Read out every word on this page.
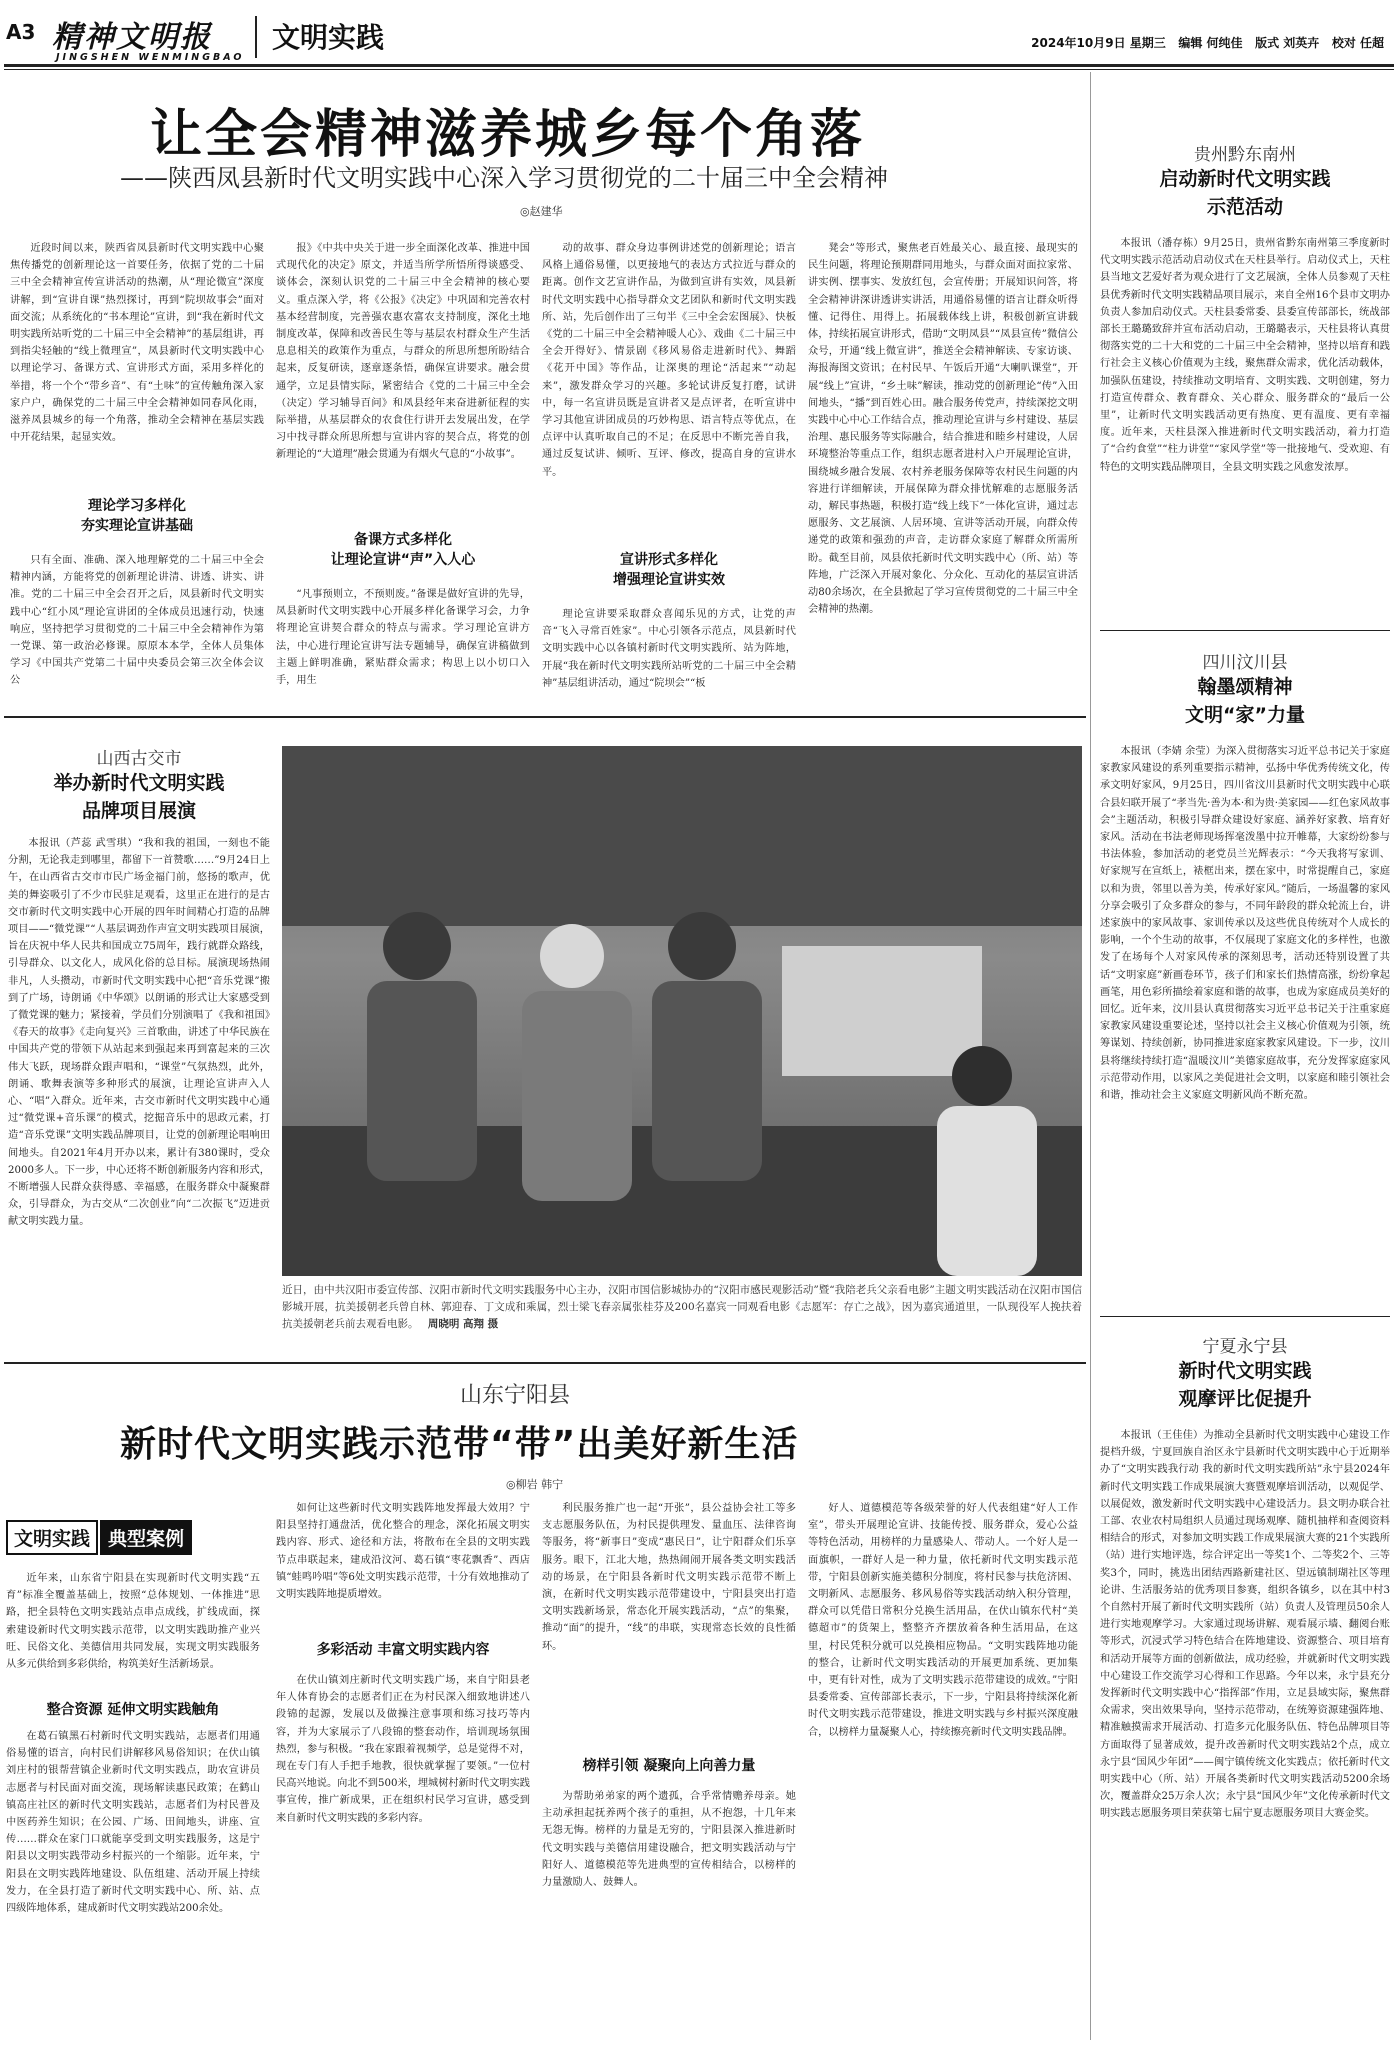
A3 精神文明报
JINGSHEN WENMINGBAO
文明实践	2024年10月9日 星期三 编辑 何纯佳 版式 刘英卉 校对 任超
让全会精神滋养城乡每个角落
——陕西凤县新时代文明实践中心深入学习贯彻党的二十届三中全会精神
◎赵建华

近段时间以来，陕西省凤县新时代文明实践中心聚焦传播党的创新理论这一首要任务，依据了党的二十届三中全会精神宣传宣讲活动的热潮，从“理论微宣”深度讲解，到“宣讲自课”热烈探讨，再到“院坝故事会”面对面交流；从系统化的“书本理论”宣讲，到“我在新时代文明实践所站听党的二十届三中全会精神”的基层组讲，再到指尖轻触的“线上微理宣”，凤县新时代文明实践中心以理论学习、备课方式、宣讲形式方面，采用多样化的举措，将一个个“带乡音”、有“土味”的宣传触角深入家家户户，确保党的二十届三中全会精神如同春风化雨，滋养凤县城乡的每一个角落，推动全会精神在基层实践中开花结果，起显实效。

理论学习多样化
夯实理论宣讲基础

只有全面、准确、深入地理解党的二十届三中全会精神内涵，方能将党的创新理论讲清、讲透、讲实、讲准。党的二十届三中全会召开之后，凤县新时代文明实践中心“红小凤”理论宣讲团的全体成员迅速行动，快速响应，坚持把学习贯彻党的二十届三中全会精神作为第一党课、第一政治必修课。原原本本学，全体人员集体学习《中国共产党第二十届中央委员会第三次全体会议公

报》《中共中央关于进一步全面深化改革、推进中国式现代化的决定》原文，并适当所学所悟所得谈感受、谈体会，深刻认识党的二十届三中全会精神的核心要义。重点深入学，将《公报》《决定》中巩固和完善农村基本经营制度，完善强农惠农富农支持制度，深化土地制度改革，保障和改善民生等与基层农村群众生产生活息息相关的政策作为重点，与群众的所思所想所盼结合起来，反复研读，逐章逐条悟，确保宣讲要求。融会贯通学，立足县情实际，紧密结合《党的二十届三中全会（决定）学习辅导百问》和凤县经年来奋进新征程的实际举措，从基层群众的农食住行讲开去发展出发，在学习中找寻群众所思所想与宣讲内容的契合点，将党的创新理论的“大道理”融会贯通为有烟火气息的“小故事”。

备课方式多样化
让理论宣讲“声”入人心

“凡事预则立，不预则废。”备课是做好宣讲的先导，凤县新时代文明实践中心开展多样化备课学习会，力争将理论宣讲契合群众的特点与需求。学习理论宣讲方法，中心进行理论宣讲写法专题辅导，确保宣讲稿做到主题上鲜明准确，紧贴群众需求；构思上以小切口入手，用生

动的故事、群众身边事例讲述党的创新理论；语言风格上通俗易懂，以更接地气的表达方式拉近与群众的距离。创作文艺宣讲作品，为做到宣讲有实效，凤县新时代文明实践中心指导群众文艺团队和新时代文明实践所、站，先后创作出了三句半《三中全会宏图展》、快板《党的二十届三中全会精神暖人心》、戏曲《二十届三中全会开得好》、情景剧《移风易俗走进新时代》、舞蹈《花开中国》等作品，让深奥的理论“活起来”“动起来”，激发群众学习的兴趣。多轮试讲反复打磨，试讲中，每一名宣讲员既是宣讲者又是点评者，在听宣讲中学习其他宣讲团成员的巧妙构思、语言特点等优点，在点评中认真听取自己的不足；在反思中不断完善自我，通过反复试讲、倾听、互评、修改，提高自身的宣讲水平。

宣讲形式多样化
增强理论宣讲实效

理论宣讲要采取群众喜闻乐见的方式，让党的声音“飞入寻常百姓家”。中心引领各示范点，凤县新时代文明实践中心以各镇村新时代文明实践所、站为阵地，开展“我在新时代文明实践所站听党的二十届三中全会精神”基层组讲活动，通过“院坝会”“板

凳会”等形式，聚焦老百姓最关心、最直接、最现实的民生问题，将理论预期群同用地头，与群众面对面拉家常、讲实例、摆事实、发放红包，会宣传册；开展知识问答，将全会精神讲深讲透讲实讲活，用通俗易懂的语言让群众听得懂、记得住、用得上。拓展载体线上讲，积极创新宣讲载体，持续拓展宣讲形式，借助“文明凤县”“凤县宣传”微信公众号，开通“线上微宣讲”，推送全会精神解读、专家访谈、海报海图文资讯；在村民早、午饭后开通“大喇叭课堂”，开展“线上”宣讲，“乡土味”解读，推动党的创新理论“传”入田间地头，“播”到百姓心田。融合服务传党声，持续深挖文明实践中心中心工作结合点，推动理论宣讲与乡村建设、基层治理、惠民服务等实际融合，结合推进和睦乡村建设，人居环境整治等重点工作，组织志愿者进村入户开展理论宣讲，围绕城乡融合发展、农村养老服务保障等农村民生问题的内容进行详细解读，开展保障为群众排忧解难的志愿服务活动，解民事热题，积极打造“线上线下”一体化宣讲，通过志愿服务、文艺展演、人居环境、宣讲等活动开展，向群众传递党的政策和强劲的声音，走访群众家庭了解群众所需所盼。截至目前，凤县依托新时代文明实践中心（所、站）等阵地，广泛深入开展对象化、分众化、互动化的基层宣讲活动80余场次，在全县掀起了学习宣传贯彻党的二十届三中全会精神的热潮。

贵州黔东南州
启动新时代文明实践
示范活动

本报讯（潘存栋）9月25日，贵州省黔东南州第三季度新时代文明实践示范活动启动仪式在天柱县举行。启动仪式上，天柱县当地文艺爱好者为观众进行了文艺展演，全体人员参观了天柱县优秀新时代文明实践精品项目展示，来自全州16个县市文明办负责人参加启动仪式。天柱县委常委、县委宣传部部长，统战部部长王璐璐致辞并宣布活动启动，王璐璐表示，天柱县将认真贯彻落实党的二十大和党的二十届三中全会精神，坚持以培育和践行社会主义核心价值观为主线，聚焦群众需求，优化活动载体，加强队伍建设，持续推动文明培育、文明实践、文明创建，努力打造宣传群众、教育群众、关心群众、服务群众的“最后一公里”，让新时代文明实践活动更有热度、更有温度、更有幸福度。近年来，天柱县深入推进新时代文明实践活动，着力打造了“合约食堂”“柱力讲堂”“家风学堂”等一批接地气、受欢迎、有特色的文明实践品牌项目，全县文明实践之风愈发浓厚。

四川汶川县
翰墨颂精神
文明“家”力量

本报讯（李婧 余莹）为深入贯彻落实习近平总书记关于家庭家教家风建设的系列重要指示精神，弘扬中华优秀传统文化，传承文明好家风，9月25日，四川省汶川县新时代文明实践中心联合县妇联开展了“孝当先·善为本·和为贵·美家园——红色家风故事会”主题活动，积极引导群众建设好家庭、涵养好家教、培育好家风。活动在书法老师现场挥毫泼墨中拉开帷幕，大家纷纷参与书法体验，参加活动的老党员兰光辉表示：“今天我将写家训、好家规写在宣纸上，裱框出来，摆在家中，时常提醒自己，家庭以和为贵，邻里以善为美，传承好家风。”随后，一场温馨的家风分享会吸引了众多群众的参与，不同年龄段的群众轮流上台，讲述家族中的家风故事、家训传承以及这些优良传统对个人成长的影响，一个个生动的故事，不仅展现了家庭文化的多样性，也激发了在场每个人对家风传承的深刻思考，活动还特别设置了共话“文明家庭”新画卷环节，孩子们和家长们热情高涨，纷纷拿起画笔，用色彩所描绘着家庭和谐的故事，也成为家庭成员美好的回忆。近年来，汶川县认真贯彻落实习近平总书记关于注重家庭家教家风建设重要论述，坚持以社会主义核心价值观为引领，统筹谋划、持续创新，协同推进家庭家教家风建设。下一步，汶川县将继续持续打造“温暖汶川”美德家庭故事，充分发挥家庭家风示范带动作用，以家风之美促进社会文明，以家庭和睦引领社会和谐，推动社会主义家庭文明新风尚不断充盈。

宁夏永宁县
新时代文明实践
观摩评比促提升

本报讯（王佳佳）为推动全县新时代文明实践中心建设工作提档升级，宁夏回族自治区永宁县新时代文明实践中心于近期举办了“文明实践我行动 我的新时代文明实践所站”永宁县2024年新时代文明实践工作成果展演大赛暨观摩培训活动，以观促学、以展促效，激发新时代文明实践中心建设活力。县文明办联合社工部、农业农村局组织人员通过现场观摩、随机抽样和查阅资料相结合的形式，对参加文明实践工作成果展演大赛的21个实践所（站）进行实地评选，综合评定出一等奖1个、二等奖2个、三等奖3个，同时，挑选出团结西路新建社区、望远镇制瑚社区等理论讲、生活服务站的优秀项目参赛，组织各镇乡，以在其中村3个自然村开展了新时代文明实践所（站）负责人及管理员50余人进行实地观摩学习。大家通过现场讲解、观看展示墙、翻阅台账等形式，沉浸式学习特色结合在阵地建设、资源整合、项目培育和活动开展等方面的创新做法，成功经验，并就新时代文明实践中心建设工作交流学习心得和工作思路。今年以来，永宁县充分发挥新时代文明实践中心“指挥部”作用，立足县域实际，聚焦群众需求，突出效果导向，坚持示范带动，在统筹资源建强阵地、精准触摸需求开展活动、打造多元化服务队伍、特色品牌项目等方面取得了显著成效，提升改善新时代文明实践站2个点，成立永宁县“国风少年团”——闽宁镇传统文化实践点；依托新时代文明实践中心（所、站）开展各类新时代文明实践活动5200余场次，覆盖群众25万余人次；永宁县“国风少年”文化传承新时代文明实践志愿服务项目荣获第七届宁夏志愿服务项目大赛金奖。

山西古交市
举办新时代文明实践
品牌项目展演

本报讯（芦蕊 武雪琪）“我和我的祖国，一刻也不能分割，无论我走到哪里，都留下一首赞歌……”9月24日上午，在山西省古交市市民广场金福门前，悠扬的歌声，优美的舞姿吸引了不少市民驻足观看，这里正在进行的是古交市新时代文明实践中心开展的四年时间精心打造的品牌项目——“微党课”“人基层调劲作声宣文明实践项目展演，旨在庆祝中华人民共和国成立75周年，践行就群众路线，引导群众、以文化人，成风化俗的总目标。展演现场热闹非凡，人头攒动，市新时代文明实践中心把“音乐党课”搬到了广场，诗朗诵《中华颂》以朗诵的形式让大家感受到了微党课的魅力；紧接着，学员们分别演唱了《我和祖国》《春天的故事》《走向复兴》三首歌曲，讲述了中华民族在中国共产党的带领下从站起来到强起来再到富起来的三次伟大飞跃，现场群众跟声唱和，“课堂”气氛热烈，此外，朗诵、歌舞表演等多种形式的展演，让理论宣讲声入人心、“唱”入群众。近年来，古交市新时代文明实践中心通过“微党课+音乐课”的模式，挖掘音乐中的思政元素，打造“音乐党课”文明实践品牌项目，让党的创新理论唱响田间地头。自2021年4月开办以来，累计有380课时，受众2000多人。下一步，中心还将不断创新服务内容和形式，不断增强人民群众获得感、幸福感，在服务群众中凝聚群众，引导群众，为古交从“二次创业”向“二次振飞”迈进贡献文明实践力量。

近日，由中共汉阳市委宣传部、汉阳市新时代文明实践服务中心主办，汉阳市国信影城协办的“汉阳市感民观影活动”暨“我陪老兵父亲看电影”主题文明实践活动在汉阳市国信影城开展，抗美援朝老兵曾自林、郭迎春、丁文成和乘属，烈士梁飞春亲属张桂芬及200名嘉宾一同观看电影《志愿军：存亡之战》，因为嘉宾通道里，一队现役军人挽扶着抗美援朝老兵前去观看电影。 周晓明 高翔 摄
山东宁阳县
新时代文明实践示范带“带”出美好新生活
◎柳岩 韩宁
文明实践 典型案例

近年来，山东省宁阳县在实现新时代文明实践“五育”标准全覆盖基础上，按照“总体规划、一体推进”思路，把全县特色文明实践站点串点成线，扩线成面，探索建设新时代文明实践示范带，以文明实践助推产业兴旺、民俗文化、美德信用共同发展，实现文明实践服务从多元供给到多彩供给，构筑美好生活新场景。

整合资源 延伸文明实践触角

在葛石镇黑石村新时代文明实践站，志愿者们用通俗易懂的语言，向村民们讲解移风易俗知识；在伏山镇刘庄村的银帮营镇企业新时代文明实践点，助农宣讲员志愿者与村民面对面交流，现场解读惠民政策；在鹤山镇高庄社区的新时代文明实践站，志愿者们为村民普及中医药养生知识；在公园、广场、田间地头，讲座、宣传……群众在家门口就能享受到文明实践服务，这是宁阳县以文明实践带动乡村振兴的一个缩影。近年来，宁阳县在文明实践阵地建设、队伍组建、活动开展上持续发力，在全县打造了新时代文明实践中心、所、站、点四级阵地体系，建成新时代文明实践站200余处。

如何让这些新时代文明实践阵地发挥最大效用？宁阳县坚持打通盘活，优化整合的理念，深化拓展文明实践内容、形式、途径和方法，将散布在全县的文明实践节点串联起来，建成沿汶河、葛石镇“枣花飘香”、西店镇“蛙鸣吟唱”等6处文明实践示范带，十分有效地推动了文明实践阵地提质增效。

多彩活动 丰富文明实践内容

在伏山镇刘庄新时代文明实践广场，来自宁阳县老年人体育协会的志愿者们正在为村民深入细致地讲述八段锦的起源，发展以及做操注意事项和练习技巧等内容，并为大家展示了八段锦的整套动作，培训现场氛围热烈，参与积极。“我在家跟着视频学，总是觉得不对，现在专门有人手把手地教，很快就掌握了要领。”一位村民高兴地说。向北不到500米，埋城树村新时代文明实践事宣传，推广新成果，正在组织村民学习宣讲，感受到来自新时代文明实践的多彩内容。

利民服务推广也一起“开张”，县公益协会社工等多支志愿服务队伍，为村民提供理发、量血压、法律咨询等服务，将“新事日”变成“惠民日”，让宁阳群众们乐享服务。眼下，江北大地，热热闹闹开展各类文明实践活动的场景，在宁阳县各新时代文明实践示范带不断上演，在新时代文明实践示范带建设中，宁阳县突出打造文明实践新场景，常态化开展实践活动，“点”的集聚，推动“面”的提升，“线”的串联，实现常态长效的良性循环。

榜样引领 凝聚向上向善力量

为帮助弟弟家的两个遗孤，合乎常情赡养母亲。她主动承担起抚养两个孩子的重担，从不抱怨，十几年来无怨无悔。榜样的力量是无穷的，宁阳县深入推进新时代文明实践与美德信用建设融合，把文明实践活动与宁阳好人、道德模范等先进典型的宣传相结合，以榜样的力量激励人、鼓舞人。

好人、道德模范等各级荣誉的好人代表组建“好人工作室”，带头开展理论宣讲、技能传授、服务群众，爱心公益等特色活动，用榜样的力量感染人、带动人。一个好人是一面旗帜，一群好人是一种力量，依托新时代文明实践示范带，宁阳县创新实施美德积分制度，将村民参与扶危济困、文明新风、志愿服务、移风易俗等实践活动纳入积分管理，群众可以凭借日常积分兑换生活用品，在伏山镇东代村“美德超市”的货架上，整整齐齐摆放着各种生活用品，在这里，村民凭积分就可以兑换相应物品。“文明实践阵地功能的整合，让新时代文明实践活动的开展更加系统、更加集中，更有针对性，成为了文明实践示范带建设的成效。”宁阳县委常委、宣传部部长表示，下一步，宁阳县将持续深化新时代文明实践示范带建设，推进文明实践与乡村振兴深度融合，以榜样力量凝聚人心，持续擦亮新时代文明实践品牌。
